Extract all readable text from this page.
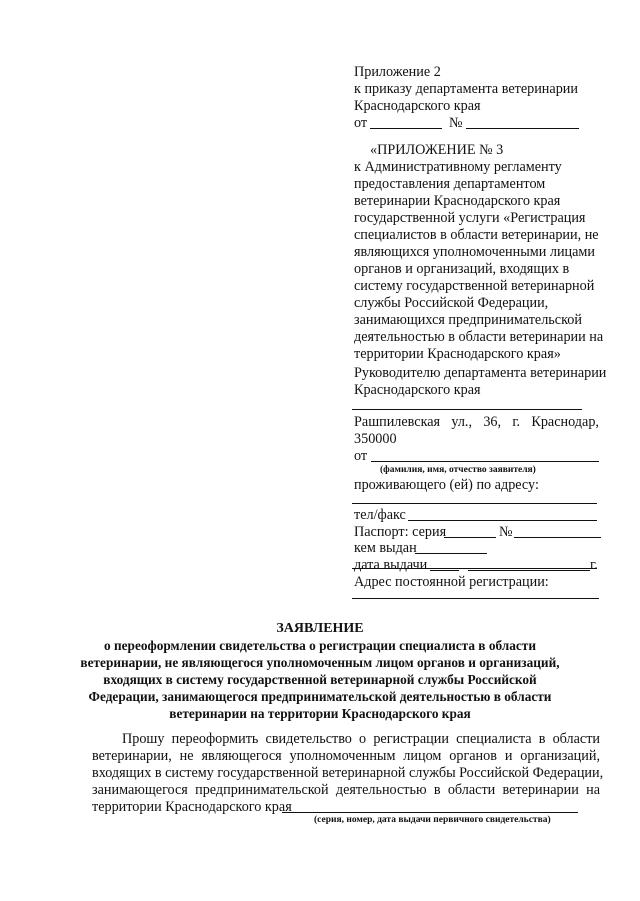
Приложение 2
к приказу департамента ветеринарии
Краснодарского края
от	№
«ПРИЛОЖЕНИЕ № 3
к Административному регламенту
предоставления департаментом
ветеринарии Краснодарского края
государственной услуги «Регистрация
специалистов в области ветеринарии, не
являющихся уполномоченными лицами
органов и организаций, входящих в
систему государственной ветеринарной
службы Российской Федерации,
занимающихся предпринимательской
деятельностью в области ветеринарии на
территории Краснодарского края»
Руководителю департамента ветеринарии
Краснодарского края
Рашпилевская ул., 36, г. Краснодар,
350000
от
(фамилия, имя, отчество заявителя)
проживающего (ей) по адресу:
тел/факс
Паспорт: серия	№
кем выдан
дата выдачи	г.
Адрес постоянной регистрации:
ЗАЯВЛЕНИЕ
о переоформлении свидетельства о регистрации специалиста в области
ветеринарии, не являющегося уполномоченным лицом органов и организаций,
входящих в систему государственной ветеринарной службы Российской
Федерации, занимающегося предпринимательской деятельностью в области
ветеринарии на территории Краснодарского края
Прошу переоформить свидетельство о регистрации специалиста в области
ветеринарии, не являющегося уполномоченным лицом органов и организаций,
входящих в систему государственной ветеринарной службы Российской Федерации,
занимающегося предпринимательской деятельностью в области ветеринарии на
территории Краснодарского края
(серия, номер, дата выдачи первичного свидетельства)
